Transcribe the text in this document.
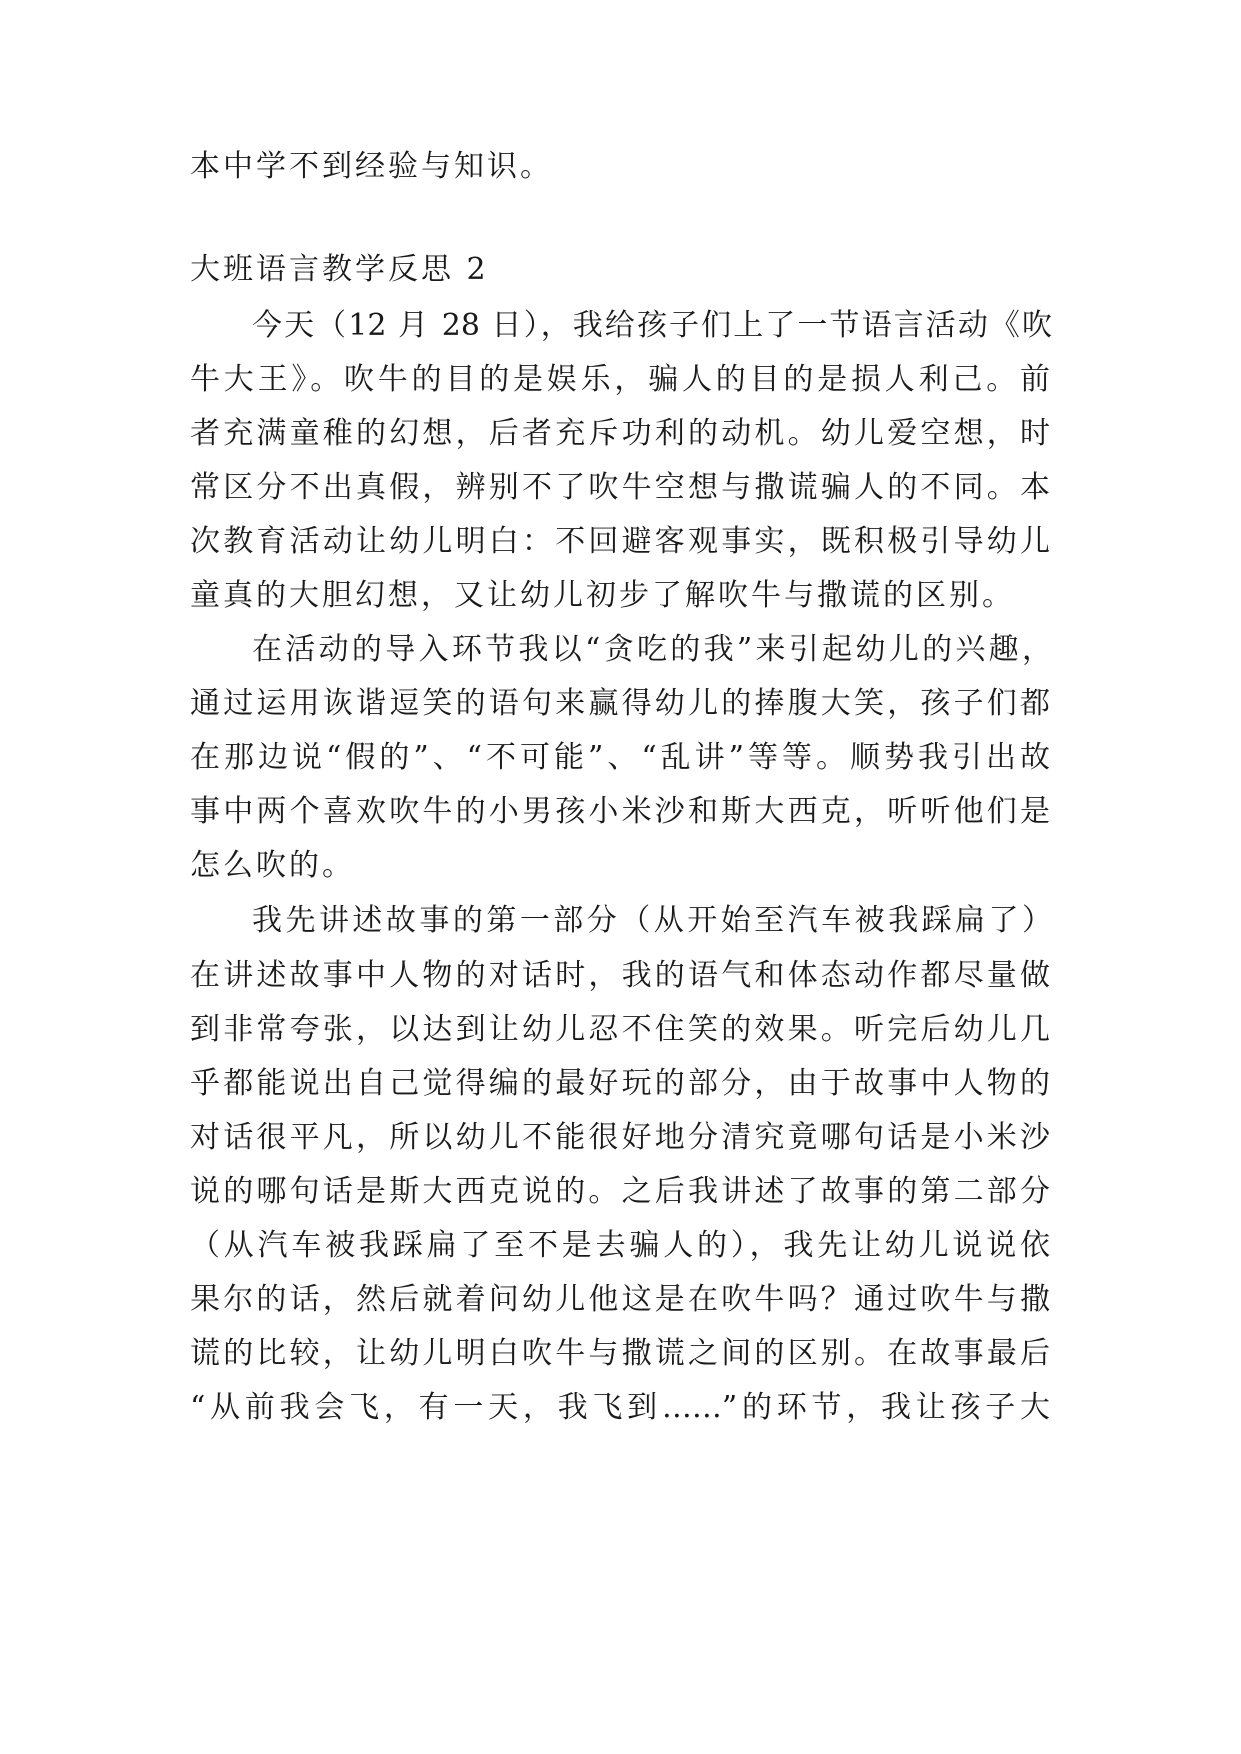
本中学不到经验与知识。
大班语言教学反思 2
今天（12 月 28 日），我给孩子们上了一节语言活动《吹
牛大王》。吹牛的目的是娱乐，骗人的目的是损人利己。前
者充满童稚的幻想，后者充斥功利的动机。幼儿爱空想，时
常区分不出真假，辨别不了吹牛空想与撒谎骗人的不同。本
次教育活动让幼儿明白：不回避客观事实，既积极引导幼儿
童真的大胆幻想，又让幼儿初步了解吹牛与撒谎的区别。
在活动的导入环节我以“贪吃的我”来引起幼儿的兴趣，
通过运用诙谐逗笑的语句来赢得幼儿的捧腹大笑，孩子们都
在那边说“假的”、“不可能”、“乱讲”等等。顺势我引出故
事中两个喜欢吹牛的小男孩小米沙和斯大西克，听听他们是
怎么吹的。
我先讲述故事的第一部分（从开始至汽车被我踩扁了）
在讲述故事中人物的对话时，我的语气和体态动作都尽量做
到非常夸张，以达到让幼儿忍不住笑的效果。听完后幼儿几
乎都能说出自己觉得编的最好玩的部分，由于故事中人物的
对话很平凡，所以幼儿不能很好地分清究竟哪句话是小米沙
说的哪句话是斯大西克说的。之后我讲述了故事的第二部分
（从汽车被我踩扁了至不是去骗人的），我先让幼儿说说依
果尔的话，然后就着问幼儿他这是在吹牛吗？通过吹牛与撒
谎的比较，让幼儿明白吹牛与撒谎之间的区别。在故事最后
“从前我会飞，有一天，我飞到……”的环节，我让孩子大
